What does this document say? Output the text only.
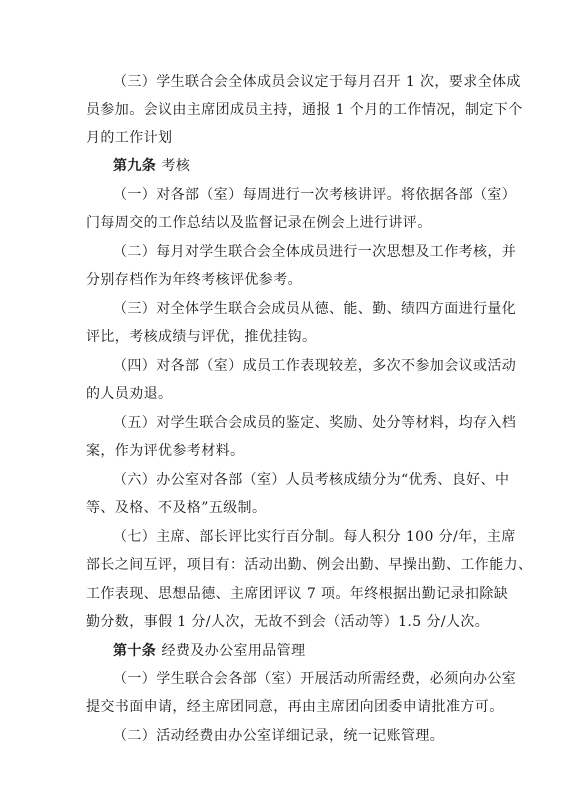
（三）学生联合会全体成员会议定于每月召开 1 次，要求全体成
员参加。会议由主席团成员主持，通报 1 个月的工作情况，制定下个
月的工作计划
第九条 考核
（一）对各部（室）每周进行一次考核讲评。将依据各部（室）
门每周交的工作总结以及监督记录在例会上进行讲评。
（二）每月对学生联合会全体成员进行一次思想及工作考核，并
分别存档作为年终考核评优参考。
（三）对全体学生联合会成员从德、能、勤、绩四方面进行量化
评比，考核成绩与评优，推优挂钩。
（四）对各部（室）成员工作表现较差，多次不参加会议或活动
的人员劝退。
（五）对学生联合会成员的鉴定、奖励、处分等材料，均存入档
案，作为评优参考材料。
（六）办公室对各部（室）人员考核成绩分为“优秀、良好、中
等、及格、不及格”五级制。
（七）主席、部长评比实行百分制。每人积分 100 分/年，主席
部长之间互评，项目有：活动出勤、例会出勤、早操出勤、工作能力、
工作表现、思想品德、主席团评议 7 项。年终根据出勤记录扣除缺
勤分数，事假 1 分/人次，无故不到会（活动等）1.5 分/人次。
第十条 经费及办公室用品管理
（一）学生联合会各部（室）开展活动所需经费，必须向办公室
提交书面申请，经主席团同意，再由主席团向团委申请批准方可。
（二）活动经费由办公室详细记录，统一记账管理。
